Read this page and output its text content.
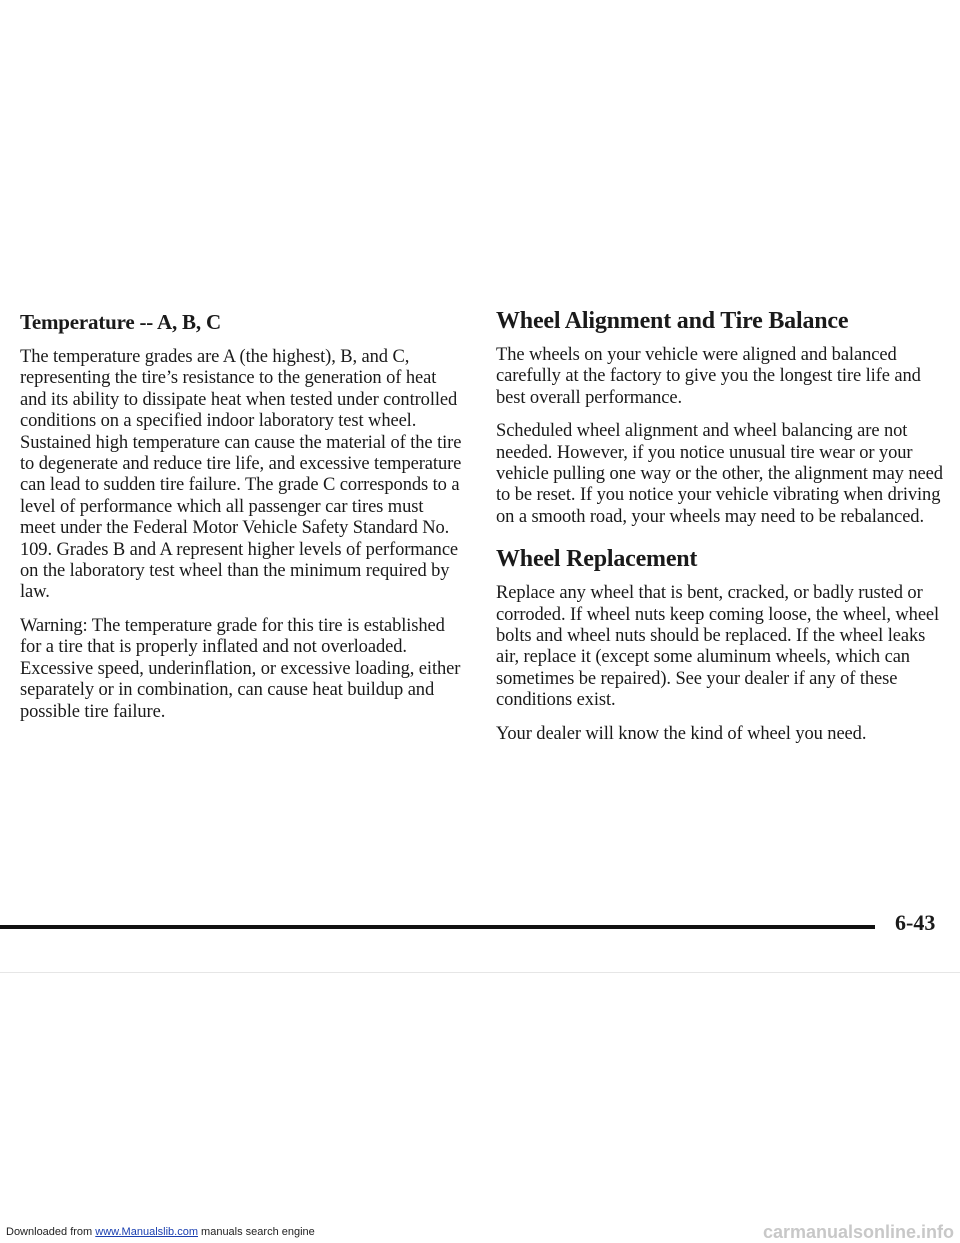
Temperature -- A, B, C

The temperature grades are A (the highest), B, and C, representing the tire’s resistance to the generation of heat and its ability to dissipate heat when tested under controlled conditions on a specified indoor laboratory test wheel. Sustained high temperature can cause the material of the tire to degenerate and reduce tire life, and excessive temperature can lead to sudden tire failure. The grade C corresponds to a level of performance which all passenger car tires must meet under the Federal Motor Vehicle Safety Standard No. 109. Grades B and A represent higher levels of performance on the laboratory test wheel than the minimum required by law.

Warning: The temperature grade for this tire is established for a tire that is properly inflated and not overloaded. Excessive speed, underinflation, or excessive loading, either separately or in combination, can cause heat buildup and possible tire failure.

Wheel Alignment and Tire Balance

The wheels on your vehicle were aligned and balanced carefully at the factory to give you the longest tire life and best overall performance.

Scheduled wheel alignment and wheel balancing are not needed. However, if you notice unusual tire wear or your vehicle pulling one way or the other, the alignment may need to be reset. If you notice your vehicle vibrating when driving on a smooth road, your wheels may need to be rebalanced.

Wheel Replacement

Replace any wheel that is bent, cracked, or badly rusted or corroded. If wheel nuts keep coming loose, the wheel, wheel bolts and wheel nuts should be replaced. If the wheel leaks air, replace it (except some aluminum wheels, which can sometimes be repaired). See your dealer if any of these conditions exist.

Your dealer will know the kind of wheel you need.

6-43
Downloaded from www.Manualslib.com manuals search engine	carmanualsonline.info
